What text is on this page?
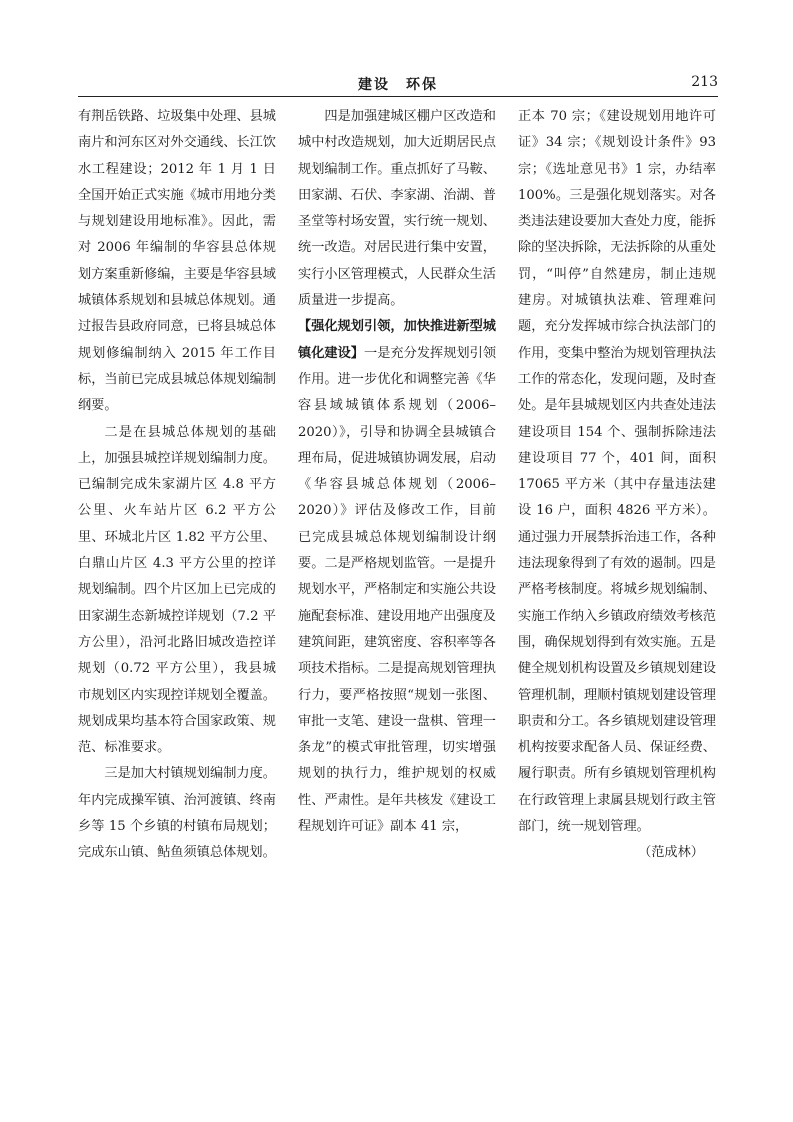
建设　环保	213

有荆岳铁路、垃圾集中处理、县城南片和河东区对外交通线、长江饮水工程建设；2012 年 1 月 1 日全国开始正式实施《城市用地分类与规划建设用地标准》。因此，需对 2006 年编制的华容县总体规划方案重新修编，主要是华容县域城镇体系规划和县城总体规划。通过报告县政府同意，已将县城总体规划修编制纳入 2015 年工作目标，当前已完成县城总体规划编制纲要。

二是在县城总体规划的基础上，加强县城控详规划编制力度。已编制完成朱家湖片区 4.8 平方公里、火车站片区 6.2 平方公里、环城北片区 1.82 平方公里、白鼎山片区 4.3 平方公里的控详规划编制。四个片区加上已完成的田家湖生态新城控详规划（7.2 平方公里），沿河北路旧城改造控详规划（0.72 平方公里），我县城市规划区内实现控详规划全覆盖。规划成果均基本符合国家政策、规范、标准要求。

三是加大村镇规划编制力度。年内完成操军镇、治河渡镇、终南乡等 15 个乡镇的村镇布局规划；完成东山镇、鲇鱼须镇总体规划。

四是加强建城区棚户区改造和城中村改造规划，加大近期居民点规划编制工作。重点抓好了马鞍、田家湖、石伏、李家湖、治湖、普圣堂等村场安置，实行统一规划、统一改造。对居民进行集中安置，实行小区管理模式，人民群众生活质量进一步提高。

【强化规划引领，加快推进新型城镇化建设】一是充分发挥规划引领作用。进一步优化和调整完善《华容县域城镇体系规划（2006–2020）》，引导和协调全县城镇合理布局，促进城镇协调发展，启动《华容县城总体规划（2006–2020）》评估及修改工作，目前已完成县城总体规划编制设计纲要。二是严格规划监管。一是提升规划水平，严格制定和实施公共设施配套标准、建设用地产出强度及建筑间距，建筑密度、容积率等各项技术指标。二是提高规划管理执行力，要严格按照“规划一张图、审批一支笔、建设一盘棋、管理一条龙”的模式审批管理，切实增强规划的执行力，维护规划的权威性、严肃性。是年共核发《建设工程规划许可证》副本 41 宗，

正本 70 宗；《建设规划用地许可证》34 宗；《规划设计条件》93 宗；《选址意见书》1 宗，办结率 100%。三是强化规划落实。对各类违法建设要加大查处力度，能拆除的坚决拆除，无法拆除的从重处罚，“叫停”自然建房，制止违规建房。对城镇执法难、管理难问题，充分发挥城市综合执法部门的作用，变集中整治为规划管理执法工作的常态化，发现问题，及时查处。是年县城规划区内共查处违法建设项目 154 个、强制拆除违法建设项目 77 个，401 间，面积 17065 平方米（其中存量违法建设 16 户，面积 4826 平方米）。通过强力开展禁拆治违工作，各种违法现象得到了有效的遏制。四是严格考核制度。将城乡规划编制、实施工作纳入乡镇政府绩效考核范围，确保规划得到有效实施。五是健全规划机构设置及乡镇规划建设管理机制，理顺村镇规划建设管理职责和分工。各乡镇规划建设管理机构按要求配备人员、保证经费、履行职责。所有乡镇规划管理机构在行政管理上隶属县规划行政主管部门，统一规划管理。

（范成林）
